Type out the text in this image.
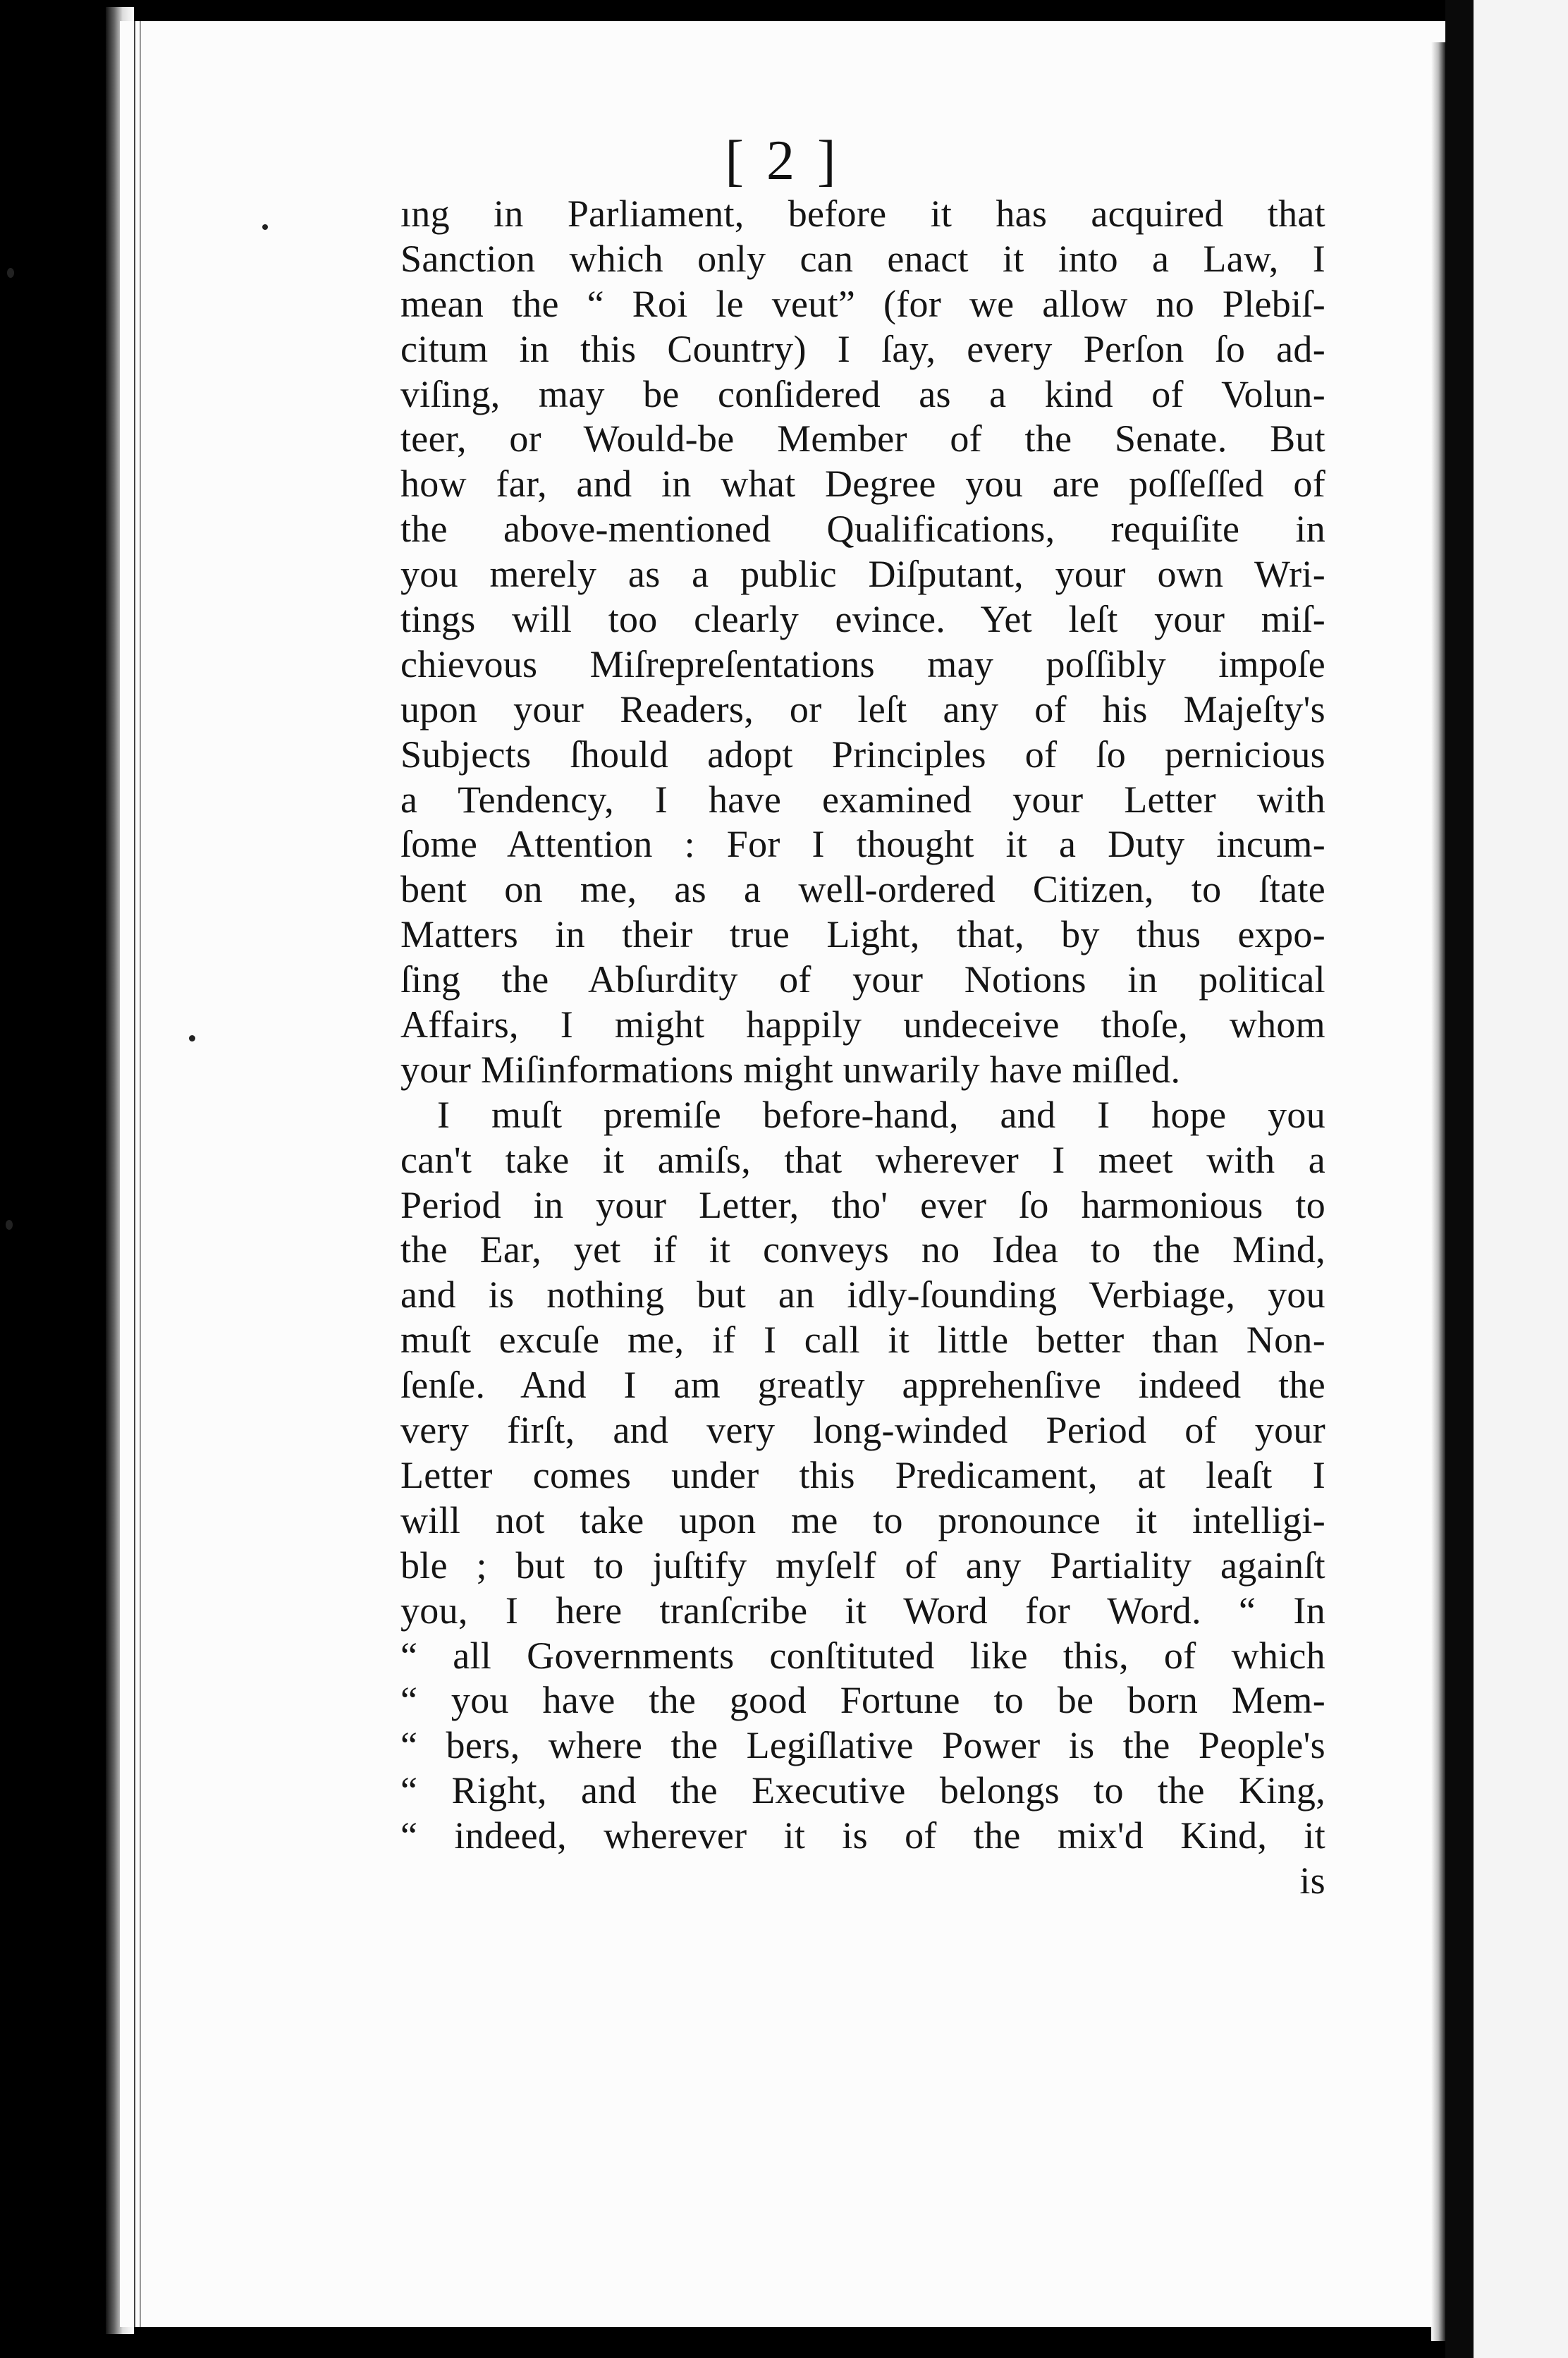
[ 2 ]
ıng in Parliament, before it has acquired that
Sanction which only can enact it into a Law, I
mean the “ Roi le veut” (for we allow no Plebiſ-
citum in this Country) I ſay, every Perſon ſo ad-
viſing, may be conſidered as a kind of Volun-
teer, or Would-be Member of the Senate. But
how far, and in what Degree you are poſſeſſed of
the above-mentioned Qualifications, requiſite in
you merely as a public Diſputant, your own Wri-
tings will too clearly evince. Yet leſt your miſ-
chievous Miſrepreſentations may poſſibly impoſe
upon your Readers, or leſt any of his Majeſty's
Subjects ſhould adopt Principles of ſo pernicious
a Tendency, I have examined your Letter with
ſome Attention : For I thought it a Duty incum-
bent on me, as a well-ordered Citizen, to ſtate
Matters in their true Light, that, by thus expo-
ſing the Abſurdity of your Notions in political
Affairs, I might happily undeceive thoſe, whom
your Miſinformations might unwarily have miſled.
I muſt premiſe before-hand, and I hope you
can't take it amiſs, that wherever I meet with a
Period in your Letter, tho' ever ſo harmonious to
the Ear, yet if it conveys no Idea to the Mind,
and is nothing but an idly-ſounding Verbiage, you
muſt excuſe me, if I call it little better than Non-
ſenſe. And I am greatly apprehenſive indeed the
very firſt, and very long-winded Period of your
Letter comes under this Predicament, at leaſt I
will not take upon me to pronounce it intelligi-
ble ; but to juſtify myſelf of any Partiality againſt
you, I here tranſcribe it Word for Word. “ In
“ all Governments conſtituted like this, of which
“ you have the good Fortune to be born Mem-
“ bers, where the Legiſlative Power is the People's
“ Right, and the Executive belongs to the King,
“ indeed, wherever it is of the mix'd Kind, it
is
